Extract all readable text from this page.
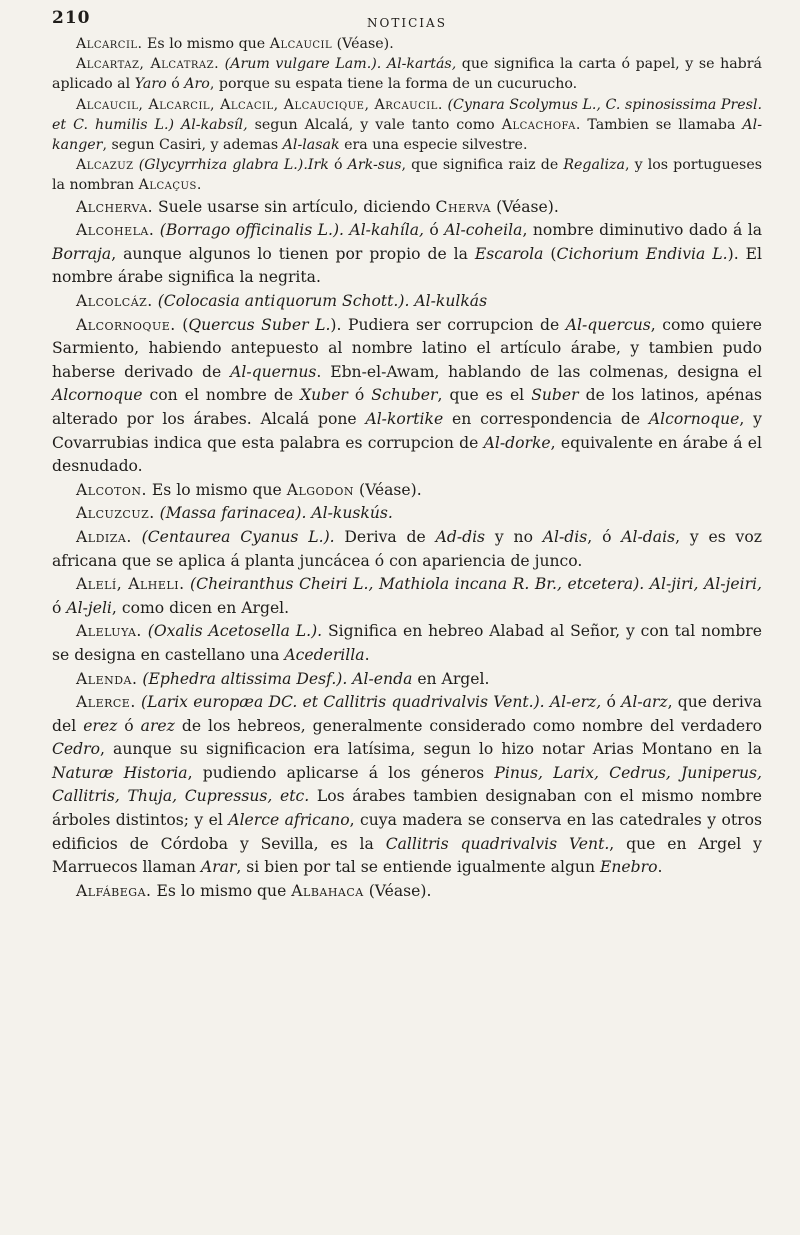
210	NOTICIAS

Alcarcil. Es lo mismo que Alcaucil (Véase).

Alcartaz, Alcatraz. (Arum vulgare Lam.). Al-kartás, que significa la carta ó papel, y se habrá aplicado al Yaro ó Aro, porque su espata tiene la forma de un cucurucho.

Alcaucil, Alcarcil, Alcacil, Alcaucique, Arcaucil. (Cynara Scolymus L., C. spinosissima Presl. et C. humilis L.) Al-kabsíl, segun Alcalá, y vale tanto como Alcachofa. Tambien se llamaba Al-kanger, segun Casiri, y ademas Al-lasak era una especie silvestre.

Alcazuz (Glycyrrhiza glabra L.).Irk ó Ark-sus, que significa raiz de Regaliza, y los portugueses la nombran Alcaçus.

Alcherva. Suele usarse sin artículo, diciendo Cherva (Véase).

Alcohela. (Borrago officinalis L.). Al-kahíla, ó Al-coheila, nombre diminutivo dado á la Borraja, aunque algunos lo tienen por propio de la Escarola (Cichorium Endivia L.). El nombre árabe significa la negrita.

Alcolcáz. (Colocasia antiquorum Schott.). Al-kulkás

Alcornoque. (Quercus Suber L.). Pudiera ser corrupcion de Al-quercus, como quiere Sarmiento, habiendo antepuesto al nombre latino el artículo árabe, y tambien pudo haberse derivado de Al-quernus. Ebn-el-Awam, hablando de las colmenas, designa el Alcornoque con el nombre de Xuber ó Schuber, que es el Suber de los latinos, apénas alterado por los árabes. Alcalá pone Al-kortike en correspondencia de Alcornoque, y Covarrubias indica que esta palabra es corrupcion de Al-dorke, equivalente en árabe á el desnudado.

Alcoton. Es lo mismo que Algodon (Véase).

Alcuzcuz. (Massa farinacea). Al-kuskús.

Aldiza. (Centaurea Cyanus L.). Deriva de Ad-dis y no Al-dis, ó Al-dais, y es voz africana que se aplica á planta juncácea ó con apariencia de junco.

Alelí, Alheli. (Cheiranthus Cheiri L., Mathiola incana R. Br., etcetera). Al-jiri, Al-jeiri, ó Al-jeli, como dicen en Argel.

Aleluya. (Oxalis Acetosella L.). Significa en hebreo Alabad al Señor, y con tal nombre se designa en castellano una Acederilla.

Alenda. (Ephedra altissima Desf.). Al-enda en Argel.

Alerce. (Larix europæa DC. et Callitris quadrivalvis Vent.). Al-erz, ó Al-arz, que deriva del erez ó arez de los hebreos, generalmente considerado como nombre del verdadero Cedro, aunque su significacion era latísima, segun lo hizo notar Arias Montano en la Naturæ Historia, pudiendo aplicarse á los géneros Pinus, Larix, Cedrus, Juniperus, Callitris, Thuja, Cupressus, etc. Los árabes tambien designaban con el mismo nombre árboles distintos; y el Alerce africano, cuya madera se conserva en las catedrales y otros edificios de Córdoba y Sevilla, es la Callitris quadrivalvis Vent., que en Argel y Marruecos llaman Arar, si bien por tal se entiende igualmente algun Enebro.

Alfábega. Es lo mismo que Albahaca (Véase).
